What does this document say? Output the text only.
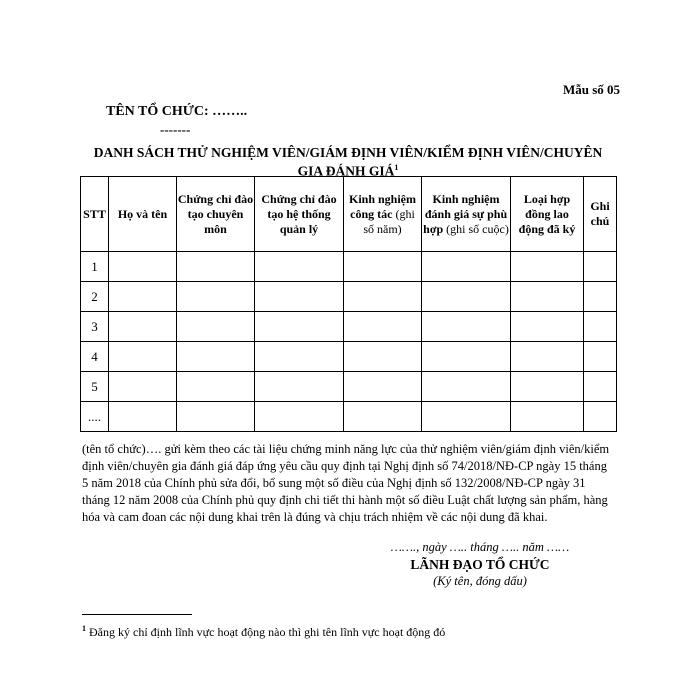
Mẫu số 05
TÊN TỔ CHỨC: ……..
-------
DANH SÁCH THỬ NGHIỆM VIÊN/GIÁM ĐỊNH VIÊN/KIỂM ĐỊNH VIÊN/CHUYÊN GIA ĐÁNH GIÁ$^1$
STT	Họ và tên	Chứng chỉ đào tạo chuyên môn	Chứng chỉ đào tạo hệ thống quản lý	Kinh nghiệm công tác (ghi số năm)	Kinh nghiệm đánh giá sự phù hợp (ghi số cuộc)	Loại hợp đồng lao động đã ký	Ghi chú
1							
2							
3							
4							
5							
....							
(tên tổ chức)…. gửi kèm theo các tài liệu chứng minh năng lực của thử nghiệm viên/giám định viên/kiểm định viên/chuyên gia đánh giá đáp ứng yêu cầu quy định tại Nghị định số 74/2018/NĐ-CP ngày 15 tháng 5 năm 2018 của Chính phủ sửa đổi, bổ sung một số điều của Nghị định số 132/2008/NĐ-CP ngày 31 tháng 12 năm 2008 của Chính phủ quy định chi tiết thi hành một số điều Luật chất lượng sản phẩm, hàng hóa và cam đoan các nội dung khai trên là đúng và chịu trách nhiệm về các nội dung đã khai.
……., ngày ….. tháng ….. năm ……
LÃNH ĐẠO TỔ CHỨC
(Ký tên, đóng dấu)
$^1$ Đăng ký chỉ định lĩnh vực hoạt động nào thì ghi tên lĩnh vực hoạt động đó
